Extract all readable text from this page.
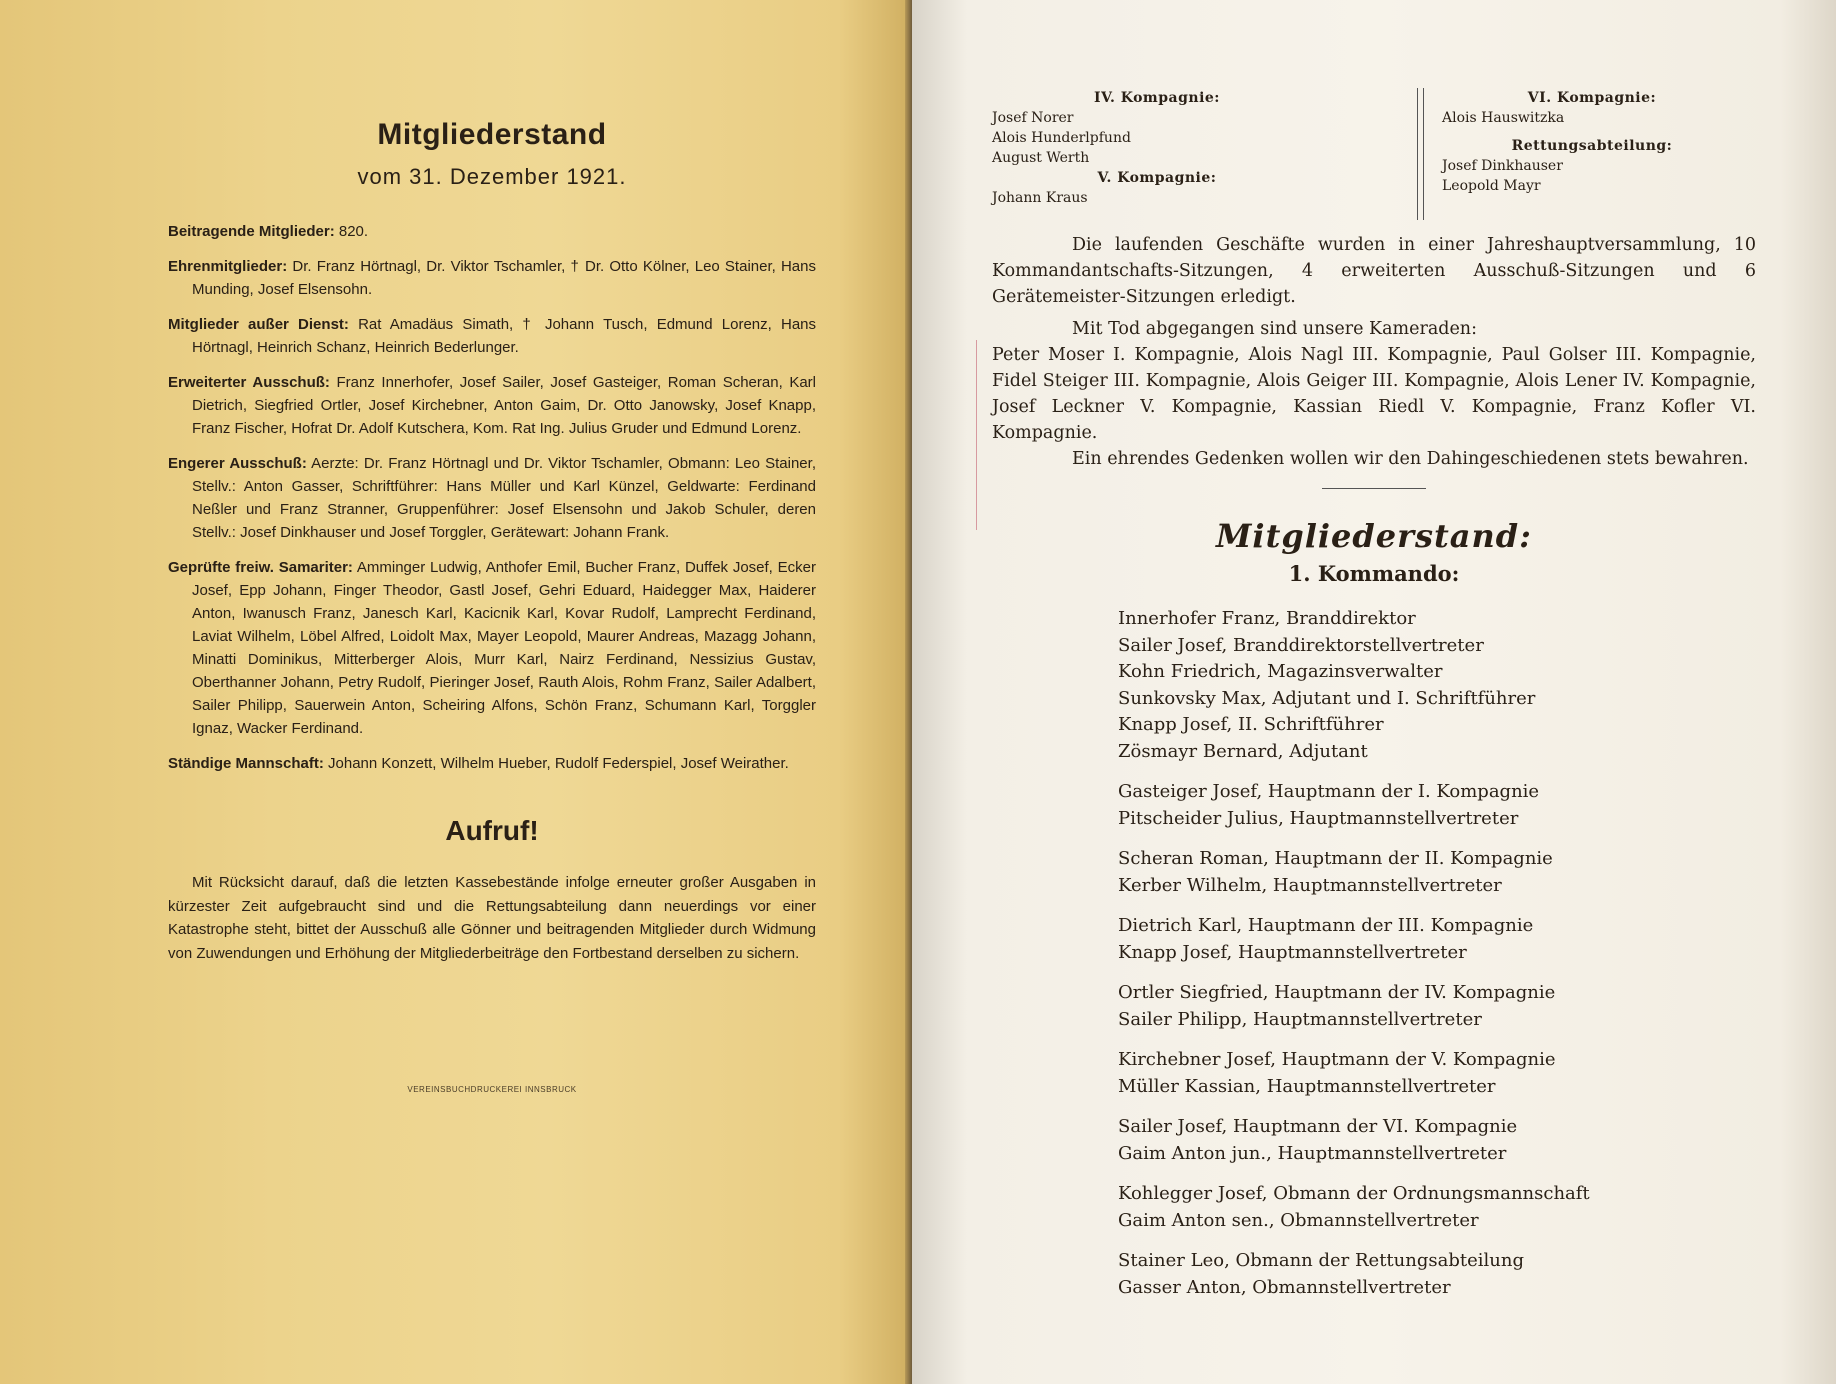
Mitgliederstand
vom 31. Dezember 1921.

Beitragende Mitglieder: 820.

Ehrenmitglieder: Dr. Franz Hörtnagl, Dr. Viktor Tschamler, † Dr. Otto Kölner, Leo Stainer, Hans Munding, Josef Elsensohn.

Mitglieder außer Dienst: Rat Amadäus Simath, † Johann Tusch, Edmund Lorenz, Hans Hörtnagl, Heinrich Schanz, Heinrich Bederlunger.

Erweiterter Ausschuß: Franz Innerhofer, Josef Sailer, Josef Gasteiger, Roman Scheran, Karl Dietrich, Siegfried Ortler, Josef Kirchebner, Anton Gaim, Dr. Otto Janowsky, Josef Knapp, Franz Fischer, Hofrat Dr. Adolf Kutschera, Kom. Rat Ing. Julius Gruder und Edmund Lorenz.

Engerer Ausschuß: Aerzte: Dr. Franz Hörtnagl und Dr. Viktor Tschamler, Obmann: Leo Stainer, Stellv.: Anton Gasser, Schriftführer: Hans Müller und Karl Künzel, Geldwarte: Ferdinand Neßler und Franz Stranner, Gruppenführer: Josef Elsensohn und Jakob Schuler, deren Stellv.: Josef Dinkhauser und Josef Torggler, Gerätewart: Johann Frank.

Geprüfte freiw. Samariter: Amminger Ludwig, Anthofer Emil, Bucher Franz, Duffek Josef, Ecker Josef, Epp Johann, Finger Theodor, Gastl Josef, Gehri Eduard, Haidegger Max, Haiderer Anton, Iwanusch Franz, Janesch Karl, Kacicnik Karl, Kovar Rudolf, Lamprecht Ferdinand, Laviat Wilhelm, Löbel Alfred, Loidolt Max, Mayer Leopold, Maurer Andreas, Mazagg Johann, Minatti Dominikus, Mitterberger Alois, Murr Karl, Nairz Ferdinand, Nessizius Gustav, Oberthanner Johann, Petry Rudolf, Pieringer Josef, Rauth Alois, Rohm Franz, Sailer Adalbert, Sailer Philipp, Sauerwein Anton, Scheiring Alfons, Schön Franz, Schumann Karl, Torggler Ignaz, Wacker Ferdinand.

Ständige Mannschaft: Johann Konzett, Wilhelm Hueber, Rudolf Federspiel, Josef Weirather.

Aufruf!

Mit Rücksicht darauf, daß die letzten Kassebestände infolge erneuter großer Ausgaben in kürzester Zeit aufgebraucht sind und die Rettungsabteilung dann neuerdings vor einer Katastrophe steht, bittet der Ausschuß alle Gönner und beitragenden Mitglieder durch Widmung von Zuwendungen und Erhöhung der Mitgliederbeiträge den Fortbestand derselben zu sichern.

VEREINSBUCHDRUCKEREI INNSBRUCK
IV. Kompagnie:
Josef Norer
Alois Hunderlpfund
August Werth
V. Kompagnie:
Johann Kraus
VI. Kompagnie:
Alois Hauswitzka
Rettungsabteilung:
Josef Dinkhauser
Leopold Mayr

Die laufenden Geschäfte wurden in einer Jahreshauptversammlung, 10 Kommandantschafts-Sitzungen, 4 erweiterten Ausschuß-Sitzungen und 6 Gerätemeister-Sitzungen erledigt.

Mit Tod abgegangen sind unsere Kameraden:

Peter Moser I. Kompagnie, Alois Nagl III. Kompagnie, Paul Golser III. Kompagnie, Fidel Steiger III. Kompagnie, Alois Geiger III. Kompagnie, Alois Lener IV. Kompagnie, Josef Leckner V. Kompagnie, Kassian Riedl V. Kompagnie, Franz Kofler VI. Kompagnie.

Ein ehrendes Gedenken wollen wir den Dahingeschiedenen stets bewahren.

Mitgliederstand:
1. Kommando:
Innerhofer Franz, Branddirektor
Sailer Josef, Branddirektorstellvertreter
Kohn Friedrich, Magazinsverwalter
Sunkovsky Max, Adjutant und I. Schriftführer
Knapp Josef, II. Schriftführer
Zösmayr Bernard, Adjutant
Gasteiger Josef, Hauptmann der I. Kompagnie
Pitscheider Julius, Hauptmannstellvertreter
Scheran Roman, Hauptmann der II. Kompagnie
Kerber Wilhelm, Hauptmannstellvertreter
Dietrich Karl, Hauptmann der III. Kompagnie
Knapp Josef, Hauptmannstellvertreter
Ortler Siegfried, Hauptmann der IV. Kompagnie
Sailer Philipp, Hauptmannstellvertreter
Kirchebner Josef, Hauptmann der V. Kompagnie
Müller Kassian, Hauptmannstellvertreter
Sailer Josef, Hauptmann der VI. Kompagnie
Gaim Anton jun., Hauptmannstellvertreter
Kohlegger Josef, Obmann der Ordnungsmannschaft
Gaim Anton sen., Obmannstellvertreter
Stainer Leo, Obmann der Rettungsabteilung
Gasser Anton, Obmannstellvertreter
